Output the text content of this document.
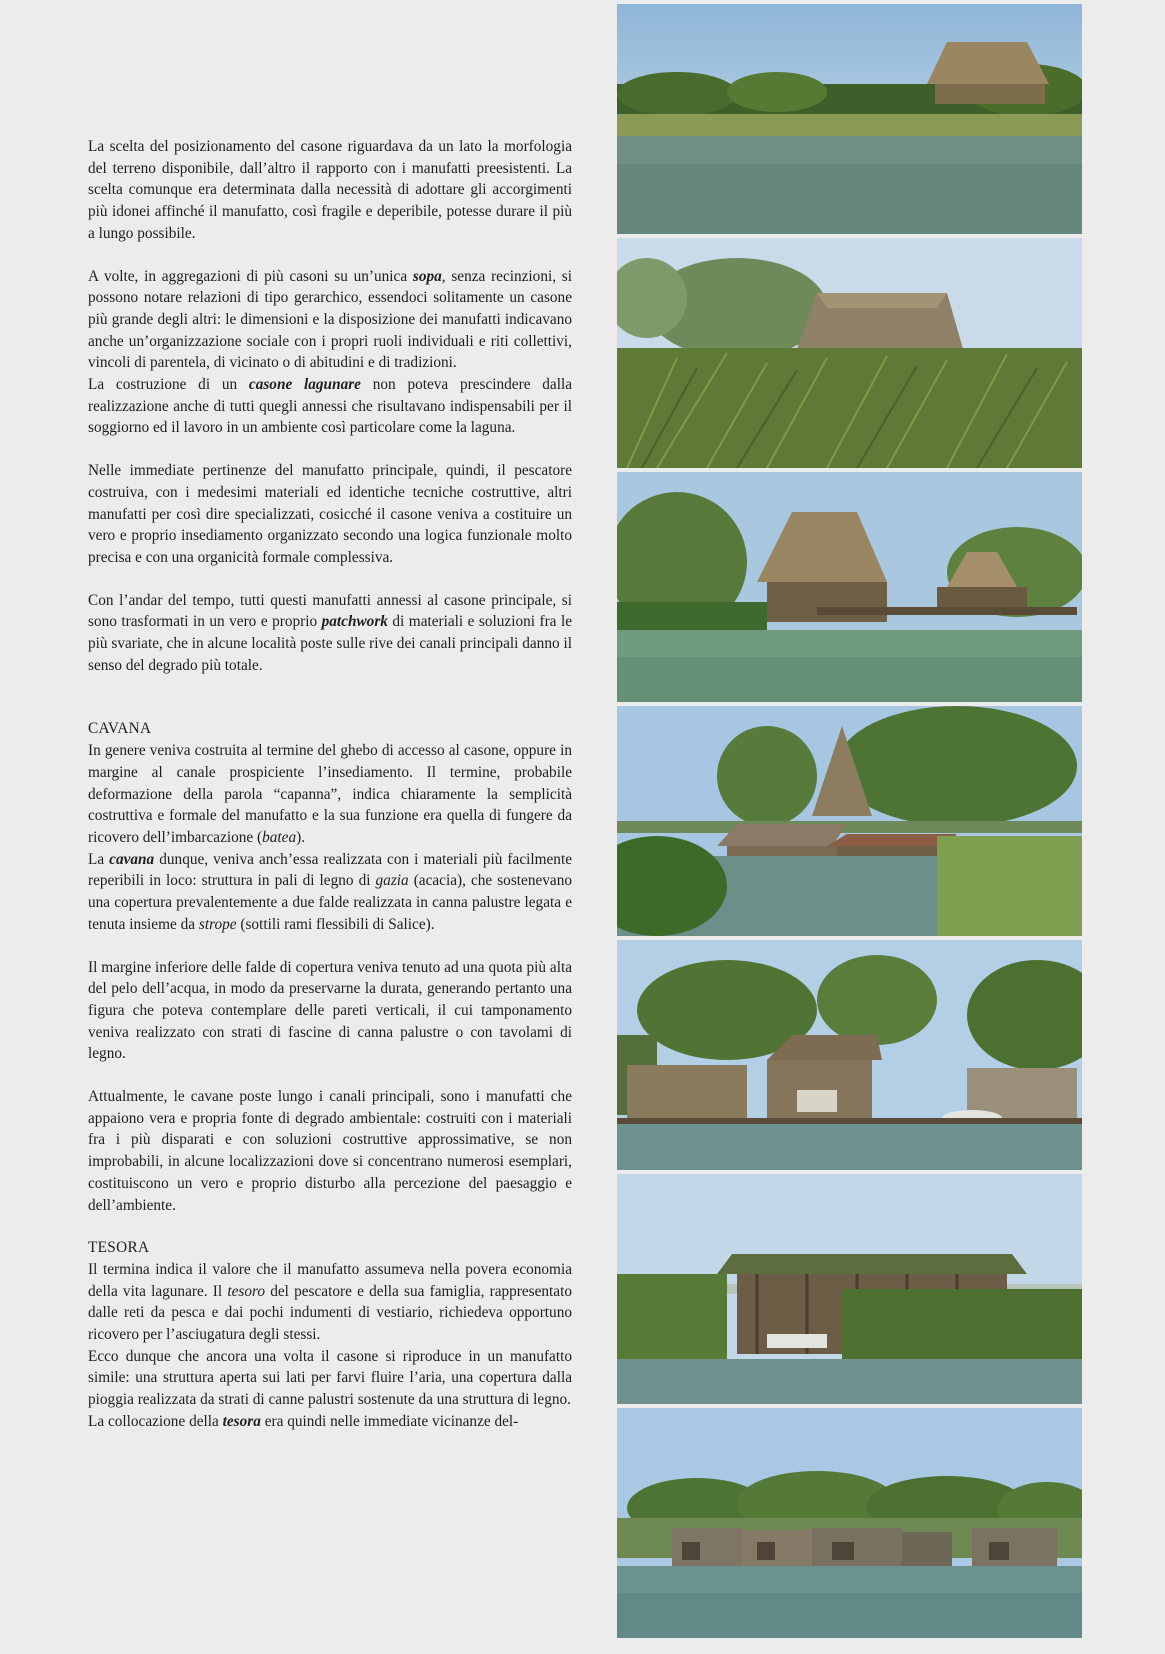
La scelta del posizionamento del casone riguardava da un lato la morfologia del terreno disponibile, dall’altro il rapporto con i manufatti preesistenti. La scelta comunque era determinata dalla necessità di adottare gli accorgimenti più idonei affinché il manufatto, così fragile e deperibile, potesse durare il più a lungo possibile.

A volte, in aggregazioni di più casoni su un’unica sopa, senza recinzioni, si possono notare relazioni di tipo gerarchico, essendoci solitamente un casone più grande degli altri: le dimensioni e la disposizione dei manufatti indicavano anche un’organizzazione sociale con i propri ruoli individuali e riti collettivi, vincoli di parentela, di vicinato o di abitudini e di tradizioni.

La costruzione di un casone lagunare non poteva prescindere dalla realizzazione anche di tutti quegli annessi che risultavano indispensabili per il soggiorno ed il lavoro in un ambiente così particolare come la laguna.

Nelle immediate pertinenze del manufatto principale, quindi, il pescatore costruiva, con i medesimi materiali ed identiche tecniche costruttive, altri manufatti per così dire specializzati, cosicché il casone veniva a costituire un vero e proprio insediamento organizzato secondo una logica funzionale molto precisa e con una organicità formale complessiva.

Con l’andar del tempo, tutti questi manufatti annessi al casone principale, si sono trasformati in un vero e proprio patchwork di materiali e soluzioni fra le più svariate, che in alcune località poste sulle rive dei canali principali danno il senso del degrado più totale.

CAVANA

In genere veniva costruita al termine del ghebo di accesso al casone, oppure in margine al canale prospiciente l’insediamento. Il termine, probabile deformazione della parola “capanna”, indica chiaramente la semplicità costruttiva e formale del manufatto e la sua funzione era quella di fungere da ricovero dell’imbarcazione (batea).

La cavana dunque, veniva anch’essa realizzata con i materiali più facilmente reperibili in loco: struttura in pali di legno di gazia (acacia), che sostenevano una copertura prevalentemente a due falde realizzata in canna palustre legata e tenuta insieme da strope (sottili rami flessibili di Salice).

Il margine inferiore delle falde di copertura veniva tenuto ad una quota più alta del pelo dell’acqua, in modo da preservarne la durata, generando pertanto una figura che poteva contemplare delle pareti verticali, il cui tamponamento veniva realizzato con strati di fascine di canna palustre o con tavolami di legno.

Attualmente, le cavane poste lungo i canali principali, sono i manufatti che appaiono vera e propria fonte di degrado ambientale: costruiti con i materiali fra i più disparati e con soluzioni costruttive approssimative, se non improbabili, in alcune localizzazioni dove si concentrano numerosi esemplari, costituiscono un vero e proprio disturbo alla percezione del paesaggio e dell’ambiente.

TESORA

Il termina indica il valore che il manufatto assumeva nella povera economia della vita lagunare. Il tesoro del pescatore e della sua famiglia, rappresentato dalle reti da pesca e dai pochi indumenti di vestiario, richiedeva opportuno ricovero per l’asciugatura degli stessi.

Ecco dunque che ancora una volta il casone si riproduce in un manufatto simile: una struttura aperta sui lati per farvi fluire l’aria, una copertura dalla pioggia realizzata da strati di canne palustri sostenute da una struttura di legno.

La collocazione della tesora era quindi nelle immediate vicinanze del-
